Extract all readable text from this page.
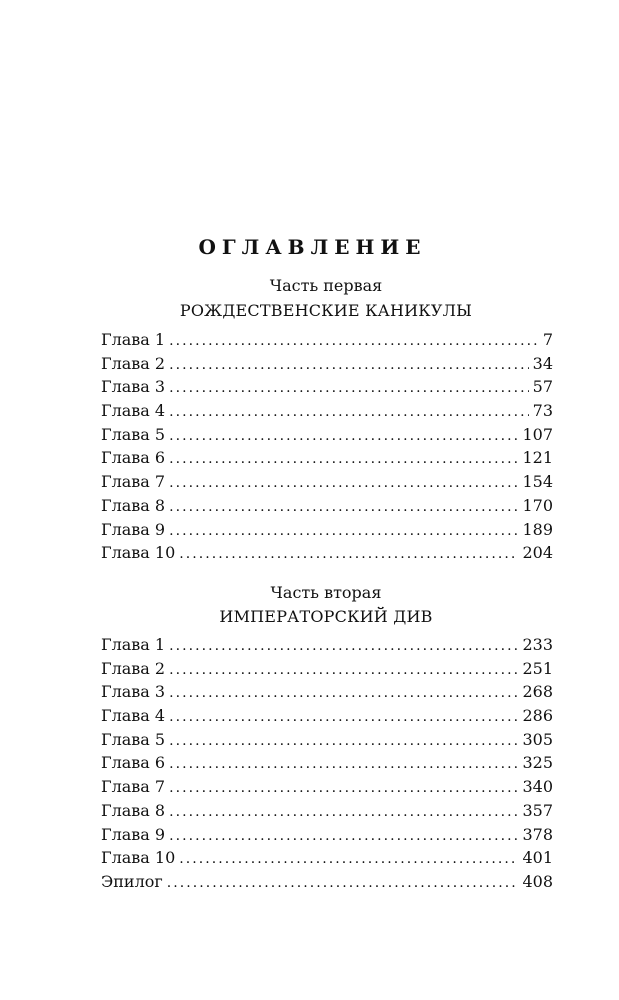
ОГЛАВЛЕНИЕ
Часть первая
РОЖДЕСТВЕНСКИЕ КАНИКУЛЫ
Глава 1 . . .	7
Глава 2 . . .	34
Глава 3 . . .	57
Глава 4 . . .	73
Глава 5 . . .	107
Глава 6 . . .	121
Глава 7 . . .	154
Глава 8 . . .	170
Глава 9 . . .	189
Глава 10 . . .	204
Часть вторая
ИМПЕРАТОРСКИЙ ДИВ
Глава 1 . . .	233
Глава 2 . . .	251
Глава 3 . . .	268
Глава 4 . . .	286
Глава 5 . . .	305
Глава 6 . . .	325
Глава 7 . . .	340
Глава 8 . . .	357
Глава 9 . . .	378
Глава 10 . . .	401
Эпилог . . .	408
